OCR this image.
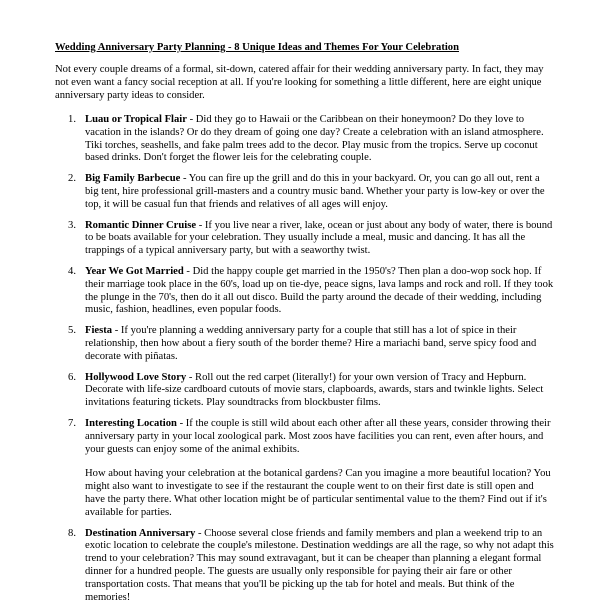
Wedding Anniversary Party Planning - 8 Unique Ideas and Themes For Your Celebration
Not every couple dreams of a formal, sit-down, catered affair for their wedding anniversary party. In fact, they may not even want a fancy social reception at all. If you're looking for something a little different, here are eight unique anniversary party ideas to consider.
1. Luau or Tropical Flair - Did they go to Hawaii or the Caribbean on their honeymoon? Do they love to vacation in the islands? Or do they dream of going one day? Create a celebration with an island atmosphere. Tiki torches, seashells, and fake palm trees add to the decor. Play music from the tropics. Serve up coconut based drinks. Don't forget the flower leis for the celebrating couple.
2. Big Family Barbecue - You can fire up the grill and do this in your backyard. Or, you can go all out, rent a big tent, hire professional grill-masters and a country music band. Whether your party is low-key or over the top, it will be casual fun that friends and relatives of all ages will enjoy.
3. Romantic Dinner Cruise - If you live near a river, lake, ocean or just about any body of water, there is bound to be boats available for your celebration. They usually include a meal, music and dancing. It has all the trappings of a typical anniversary party, but with a seaworthy twist.
4. Year We Got Married - Did the happy couple get married in the 1950's? Then plan a doo-wop sock hop. If their marriage took place in the 60's, load up on tie-dye, peace signs, lava lamps and rock and roll. If they took the plunge in the 70's, then do it all out disco. Build the party around the decade of their wedding, including music, fashion, headlines, even popular foods.
5. Fiesta - If you're planning a wedding anniversary party for a couple that still has a lot of spice in their relationship, then how about a fiery south of the border theme? Hire a mariachi band, serve spicy food and decorate with piñatas.
6. Hollywood Love Story - Roll out the red carpet (literally!) for your own version of Tracy and Hepburn. Decorate with life-size cardboard cutouts of movie stars, clapboards, awards, stars and twinkle lights. Select invitations featuring tickets. Play soundtracks from blockbuster films.
7. Interesting Location - If the couple is still wild about each other after all these years, consider throwing their anniversary party in your local zoological park. Most zoos have facilities you can rent, even after hours, and your guests can enjoy some of the animal exhibits.
How about having your celebration at the botanical gardens? Can you imagine a more beautiful location? You might also want to investigate to see if the restaurant the couple went to on their first date is still open and have the party there. What other location might be of particular sentimental value to the them? Find out if it's available for parties.
8. Destination Anniversary - Choose several close friends and family members and plan a weekend trip to an exotic location to celebrate the couple's milestone. Destination weddings are all the rage, so why not adapt this trend to your celebration? This may sound extravagant, but it can be cheaper than planning a elegant formal dinner for a hundred people. The guests are usually only responsible for paying their air fare or other transportation costs. That means that you'll be picking up the tab for hotel and meals. But think of the memories!
